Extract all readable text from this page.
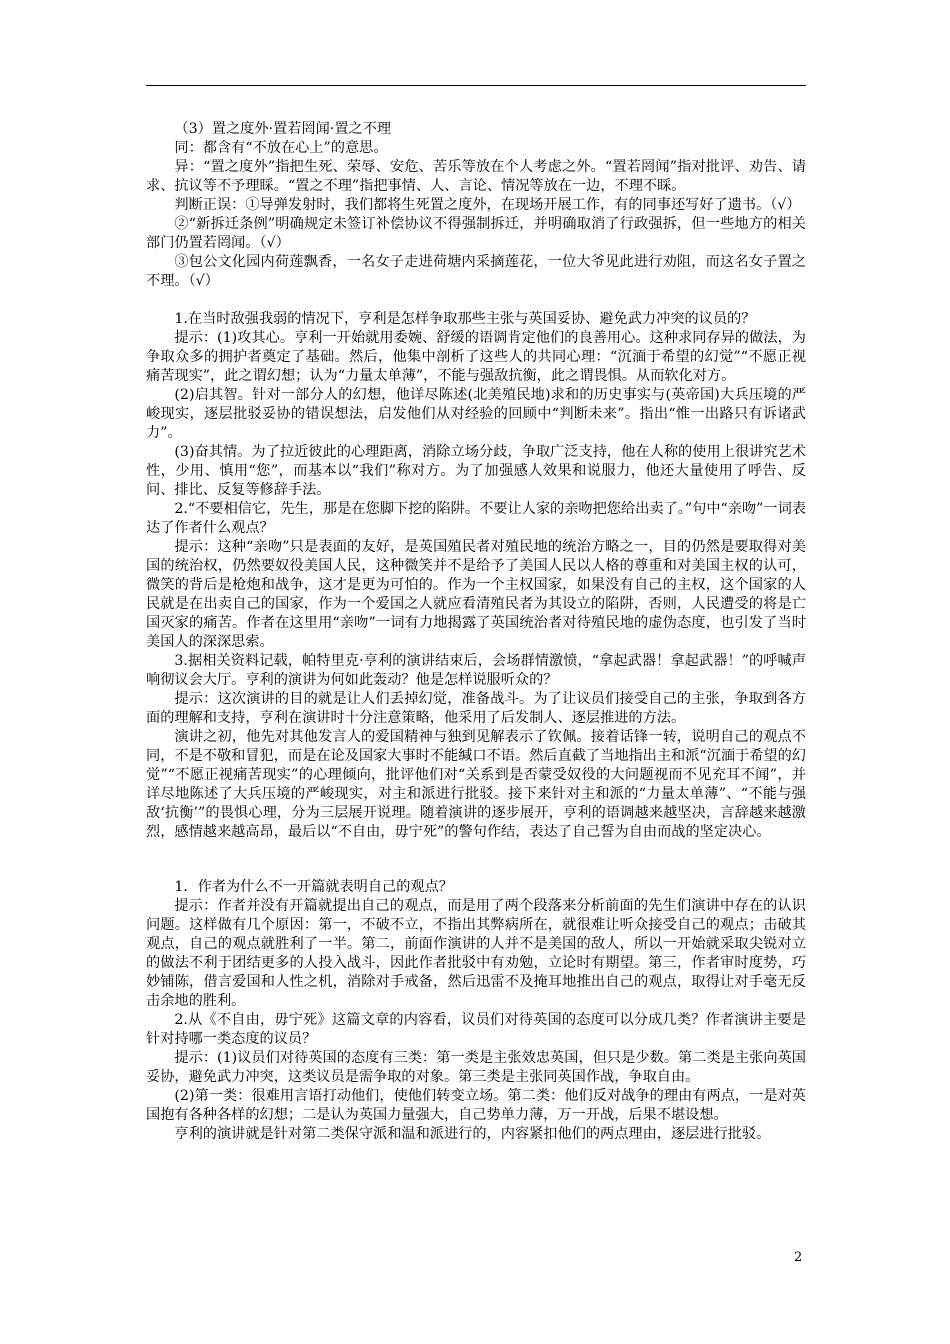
（3）置之度外·置若罔闻·置之不理

同：都含有“不放在心上”的意思。

异：“置之度外”指把生死、荣辱、安危、苦乐等放在个人考虑之外。“置若罔闻”指对批评、劝告、请求、抗议等不予理睬。“置之不理”指把事情、人、言论、情况等放在一边，不理不睬。

判断正误：①导弹发射时，我们都将生死置之度外，在现场开展工作，有的同事还写好了遗书。（√）

②“新拆迁条例”明确规定未签订补偿协议不得强制拆迁，并明确取消了行政强拆，但一些地方的相关部门仍置若罔闻。（√）

③包公文化园内荷莲飘香，一名女子走进荷塘内采摘莲花，一位大爷见此进行劝阻，而这名女子置之不理。（√）

1.在当时敌强我弱的情况下，亨利是怎样争取那些主张与英国妥协、避免武力冲突的议员的？

提示：(1)攻其心。亨利一开始就用委婉、舒缓的语调肯定他们的良善用心。这种求同存异的做法，为争取众多的拥护者奠定了基础。然后，他集中剖析了这些人的共同心理：“沉湎于希望的幻觉”“不愿正视痛苦现实”，此之谓幻想；认为“力量太单薄”，不能与强敌抗衡，此之谓畏惧。从而软化对方。

(2)启其智。针对一部分人的幻想，他详尽陈述(北美殖民地)求和的历史事实与(英帝国)大兵压境的严峻现实，逐层批驳妥协的错误想法，启发他们从对经验的回顾中“判断未来”。指出“惟一出路只有诉诸武力”。

(3)奋其情。为了拉近彼此的心理距离，消除立场分歧，争取广泛支持，他在人称的使用上很讲究艺术性，少用、慎用“您”，而基本以“我们”称对方。为了加强感人效果和说服力，他还大量使用了呼告、反问、排比、反复等修辞手法。

2.“不要相信它，先生，那是在您脚下挖的陷阱。不要让人家的亲吻把您给出卖了。”句中“亲吻”一词表达了作者什么观点？

提示：这种“亲吻”只是表面的友好，是英国殖民者对殖民地的统治方略之一，目的仍然是要取得对美国的统治权，仍然要奴役美国人民，这种微笑并不是给予了美国人民以人格的尊重和对美国主权的认可，微笑的背后是枪炮和战争，这才是更为可怕的。作为一个主权国家，如果没有自己的主权，这个国家的人民就是在出卖自己的国家，作为一个爱国之人就应看清殖民者为其设立的陷阱，否则，人民遭受的将是亡国灭家的痛苦。作者在这里用“亲吻”一词有力地揭露了英国统治者对待殖民地的虚伪态度，也引发了当时美国人的深深思索。

3.据相关资料记载，帕特里克·亨利的演讲结束后，会场群情激愤，“拿起武器！拿起武器！”的呼喊声响彻议会大厅。亨利的演讲为何如此轰动？他是怎样说服听众的？

提示：这次演讲的目的就是让人们丢掉幻觉，准备战斗。为了让议员们接受自己的主张，争取到各方面的理解和支持，亨利在演讲时十分注意策略，他采用了后发制人、逐层推进的方法。

演讲之初，他先对其他发言人的爱国精神与独到见解表示了钦佩。接着话锋一转，说明自己的观点不同，不是不敬和冒犯，而是在论及国家大事时不能缄口不语。然后直截了当地指出主和派“沉湎于希望的幻觉”“不愿正视痛苦现实”的心理倾向，批评他们对“关系到是否蒙受奴役的大问题视而不见充耳不闻”，并详尽地陈述了大兵压境的严峻现实，对主和派进行批驳。接下来针对主和派的“力量太单薄”、“不能与强敌‘抗衡’”的畏惧心理，分为三层展开说理。随着演讲的逐步展开，亨利的语调越来越坚决，言辞越来越激烈，感情越来越高昂，最后以“不自由，毋宁死”的警句作结，表达了自己誓为自由而战的坚定决心。

1．作者为什么不一开篇就表明自己的观点？

提示：作者并没有开篇就提出自己的观点，而是用了两个段落来分析前面的先生们演讲中存在的认识问题。这样做有几个原因：第一，不破不立，不指出其弊病所在，就很难让听众接受自己的观点；击破其观点，自己的观点就胜利了一半。第二，前面作演讲的人并不是美国的敌人，所以一开始就采取尖锐对立的做法不利于团结更多的人投入战斗，因此作者批驳中有劝勉，立论时有期望。第三，作者审时度势，巧妙铺陈，借言爱国和人性之机，消除对手戒备，然后迅雷不及掩耳地推出自己的观点，取得让对手毫无反击余地的胜利。

2.从《不自由，毋宁死》这篇文章的内容看，议员们对待英国的态度可以分成几类？作者演讲主要是针对持哪一类态度的议员？

提示：(1)议员们对待英国的态度有三类：第一类是主张效忠英国，但只是少数。第二类是主张向英国妥协，避免武力冲突，这类议员是需争取的对象。第三类是主张同英国作战，争取自由。

(2)第一类：很难用言语打动他们，使他们转变立场。第二类：他们反对战争的理由有两点，一是对英国抱有各种各样的幻想；二是认为英国力量强大，自己势单力薄，万一开战，后果不堪设想。

亨利的演讲就是针对第二类保守派和温和派进行的，内容紧扣他们的两点理由，逐层进行批驳。

2
